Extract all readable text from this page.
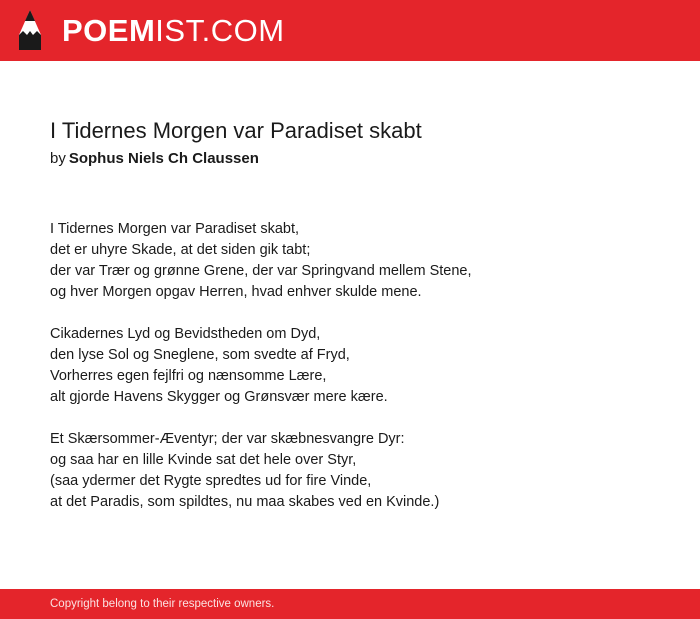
POEMIST.COM
I Tidernes Morgen var Paradiset skabt
by Sophus Niels Ch Claussen
I Tidernes Morgen var Paradiset skabt,
det er uhyre Skade, at det siden gik tabt;
der var Trær og grønne Grene, der var Springvand mellem Stene,
og hver Morgen opgav Herren, hvad enhver skulde mene.
Cikadernes Lyd og Bevidstheden om Dyd,
den lyse Sol og Sneglene, som svedte af Fryd,
Vorherres egen fejlfri og nænsomme Lære,
alt gjorde Havens Skygger og Grønsvær mere kære.
Et Skærsommer-Æventyr; der var skæbnesvangre Dyr:
og saa har en lille Kvinde sat det hele over Styr,
(saa ydermer det Rygte spredtes ud for fire Vinde,
at det Paradis, som spildtes, nu maa skabes ved en Kvinde.)
Copyright belong to their respective owners.
